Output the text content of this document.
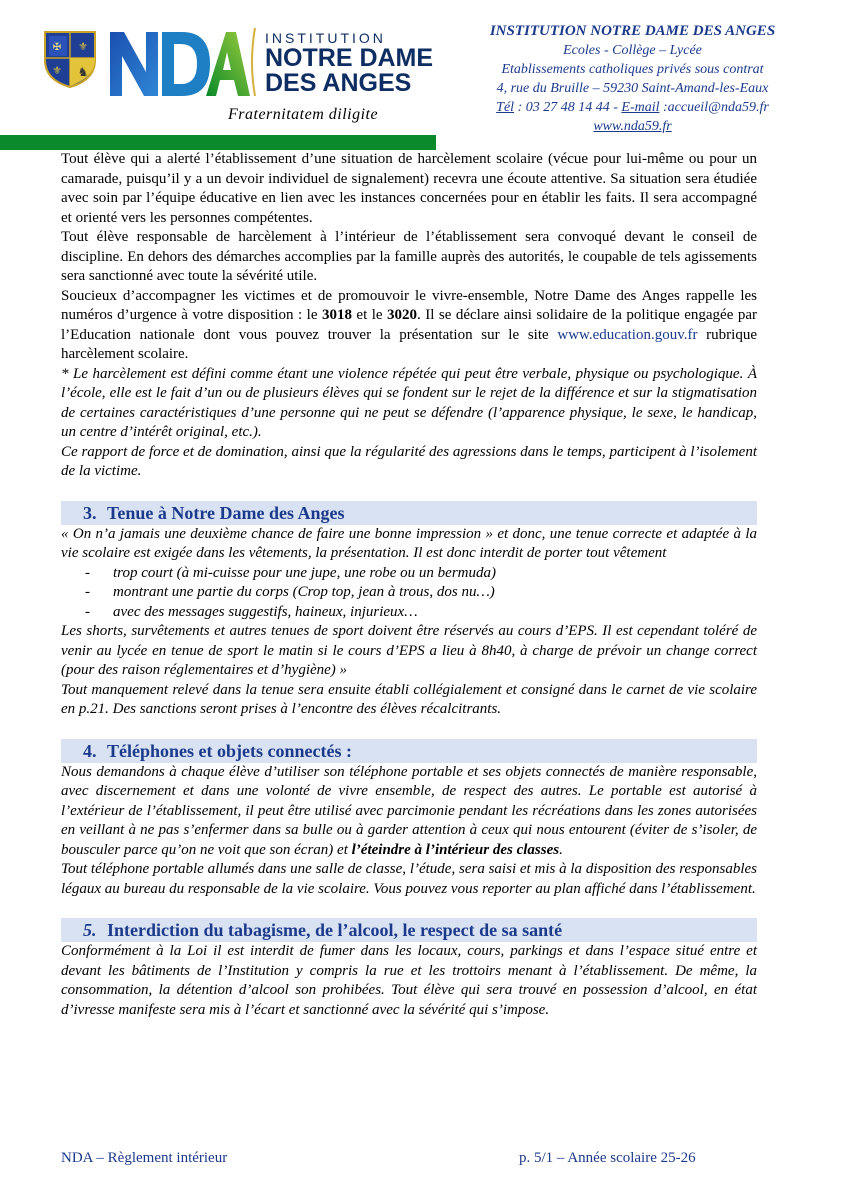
✠ ⚜
⚜ ♞
INSTITUTION
NOTRE DAME
DES ANGES
Fraternitatem diligite
INSTITUTION NOTRE DAME DES ANGES
Ecoles - Collège – Lycée
Etablissements catholiques privés sous contrat
4, rue du Bruille – 59230 Saint-Amand-les-Eaux
Tél : 03 27 48 14 44 - E-mail :accueil@nda59.fr
www.nda59.fr

Tout élève qui a alerté l’établissement d’une situation de harcèlement scolaire (vécue pour lui-même ou pour un camarade, puisqu’il y a un devoir individuel de signalement) recevra une écoute attentive. Sa situation sera étudiée avec soin par l’équipe éducative en lien avec les instances concernées pour en établir les faits. Il sera accompagné et orienté vers les personnes compétentes.

Tout élève responsable de harcèlement à l’intérieur de l’établissement sera convoqué devant le conseil de discipline. En dehors des démarches accomplies par la famille auprès des autorités, le coupable de tels agissements sera sanctionné avec toute la sévérité utile.

Soucieux d’accompagner les victimes et de promouvoir le vivre-ensemble, Notre Dame des Anges rappelle les numéros d’urgence à votre disposition : le 3018 et le 3020. Il se déclare ainsi solidaire de la politique engagée par l’Education nationale dont vous pouvez trouver la présentation sur le site www.education.gouv.fr rubrique harcèlement scolaire.

* Le harcèlement est défini comme étant une violence répétée qui peut être verbale, physique ou psychologique. À l’école, elle est le fait d’un ou de plusieurs élèves qui se fondent sur le rejet de la différence et sur la stigmatisation de certaines caractéristiques d’une personne qui ne peut se défendre (l’apparence physique, le sexe, le handicap, un centre d’intérêt original, etc.).

Ce rapport de force et de domination, ainsi que la régularité des agressions dans le temps, participent à l’isolement de la victime.

3. Tenue à Notre Dame des Anges

« On n’a jamais une deuxième chance de faire une bonne impression » et donc, une tenue correcte et adaptée à la vie scolaire est exigée dans les vêtements, la présentation. Il est donc interdit de porter tout vêtement

- trop court (à mi-cuisse pour une jupe, une robe ou un bermuda)
- montrant une partie du corps (Crop top, jean à trous, dos nu…)
- avec des messages suggestifs, haineux, injurieux…

Les shorts, survêtements et autres tenues de sport doivent être réservés au cours d’EPS. Il est cependant toléré de venir au lycée en tenue de sport le matin si le cours d’EPS a lieu à 8h40, à charge de prévoir un change correct (pour des raison réglementaires et d’hygiène) »

Tout manquement relevé dans la tenue sera ensuite établi collégialement et consigné dans le carnet de vie scolaire en p.21. Des sanctions seront prises à l’encontre des élèves récalcitrants.

4. Téléphones et objets connectés :

Nous demandons à chaque élève d’utiliser son téléphone portable et ses objets connectés de manière responsable, avec discernement et dans une volonté de vivre ensemble, de respect des autres. Le portable est autorisé à l’extérieur de l’établissement, il peut être utilisé avec parcimonie pendant les récréations dans les zones autorisées en veillant à ne pas s’enfermer dans sa bulle ou à garder attention à ceux qui nous entourent (éviter de s’isoler, de bousculer parce qu’on ne voit que son écran) et l’éteindre à l’intérieur des classes.

Tout téléphone portable allumés dans une salle de classe, l’étude, sera saisi et mis à la disposition des responsables légaux au bureau du responsable de la vie scolaire. Vous pouvez vous reporter au plan affiché dans l’établissement.

5. Interdiction du tabagisme, de l’alcool, le respect de sa santé

Conformément à la Loi il est interdit de fumer dans les locaux, cours, parkings et dans l’espace situé entre et devant les bâtiments de l’Institution y compris la rue et les trottoirs menant à l’établissement. De même, la consommation, la détention d’alcool son prohibées. Tout élève qui sera trouvé en possession d’alcool, en état d’ivresse manifeste sera mis à l’écart et sanctionné avec la sévérité qui s’impose.

NDA – Règlement intérieur	p. 5/1 – Année scolaire 25-26
